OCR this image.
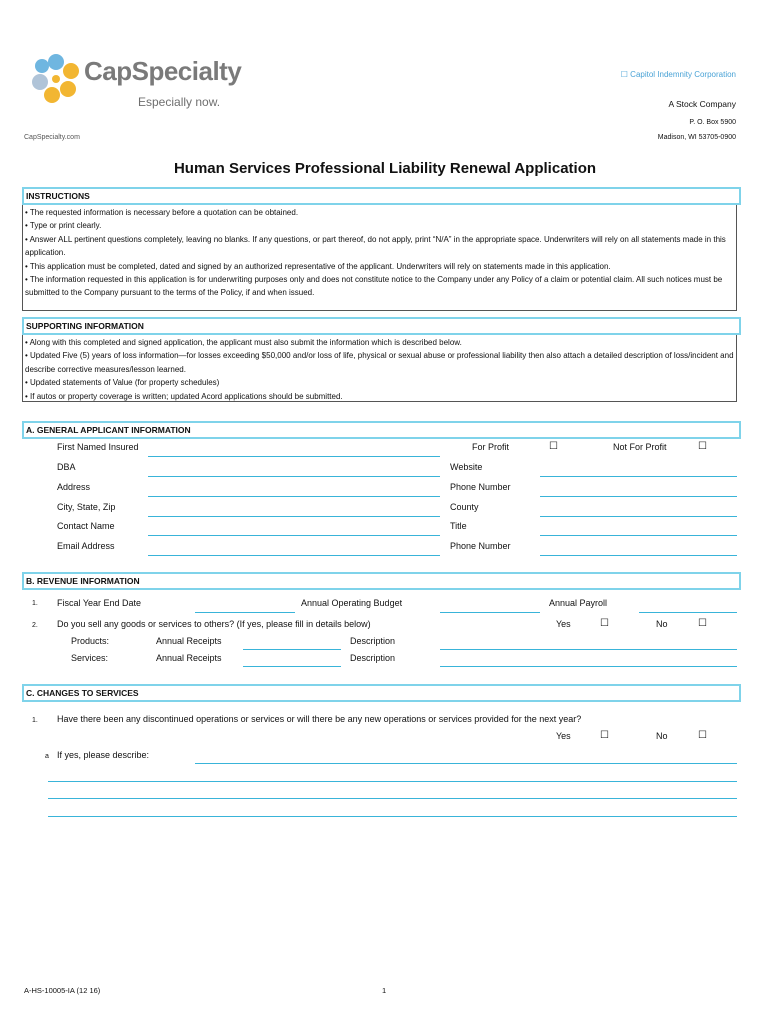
CapSpecialty
Especially now.
CapSpecialty.com
☐ Capitol Indemnity Corporation
A Stock Company
P. O. Box 5900
Madison, WI 53705-0900
Human Services Professional Liability Renewal Application
INSTRUCTIONS
• The requested information is necessary before a quotation can be obtained.
• Type or print clearly.
• Answer ALL pertinent questions completely, leaving no blanks. If any questions, or part thereof, do not apply, print “N/A” in the appropriate space. Underwriters will rely on all statements made in this application.
• This application must be completed, dated and signed by an authorized representative of the applicant. Underwriters will rely on statements made in this application.
• The information requested in this application is for underwriting purposes only and does not constitute notice to the Company under any Policy of a claim or potential claim. All such notices must be submitted to the Company pursuant to the terms of the Policy, if and when issued.
SUPPORTING INFORMATION
• Along with this completed and signed application, the applicant must also submit the information which is described below.
• Updated Five (5) years of loss information—for losses exceeding $50,000 and/or loss of life, physical or sexual abuse or professional liability then also attach a detailed description of loss/incident and describe corrective measures/lesson learned.
• Updated statements of Value (for property schedules)
• If autos or property coverage is written; updated Acord applications should be submitted.
A. GENERAL APPLICANT INFORMATION
First Named Insured	For Profit	☐	Not For Profit	☐
DBA	Website
Address	Phone Number
City, State, Zip	County
Contact Name	Title
Email Address	Phone Number
B. REVENUE INFORMATION
1. Fiscal Year End Date	Annual Operating Budget	Annual Payroll
2. Do you sell any goods or services to others? (If yes, please fill in details below)	Yes	☐	No	☐
Products:	Annual Receipts	Description
Services:	Annual Receipts	Description
C. CHANGES TO SERVICES
1. Have there been any discontinued operations or services or will there be any new operations or services provided for the next year?
Yes	☐	No	☐
a If yes, please describe:
A-HS-10005-IA (12 16)	1
